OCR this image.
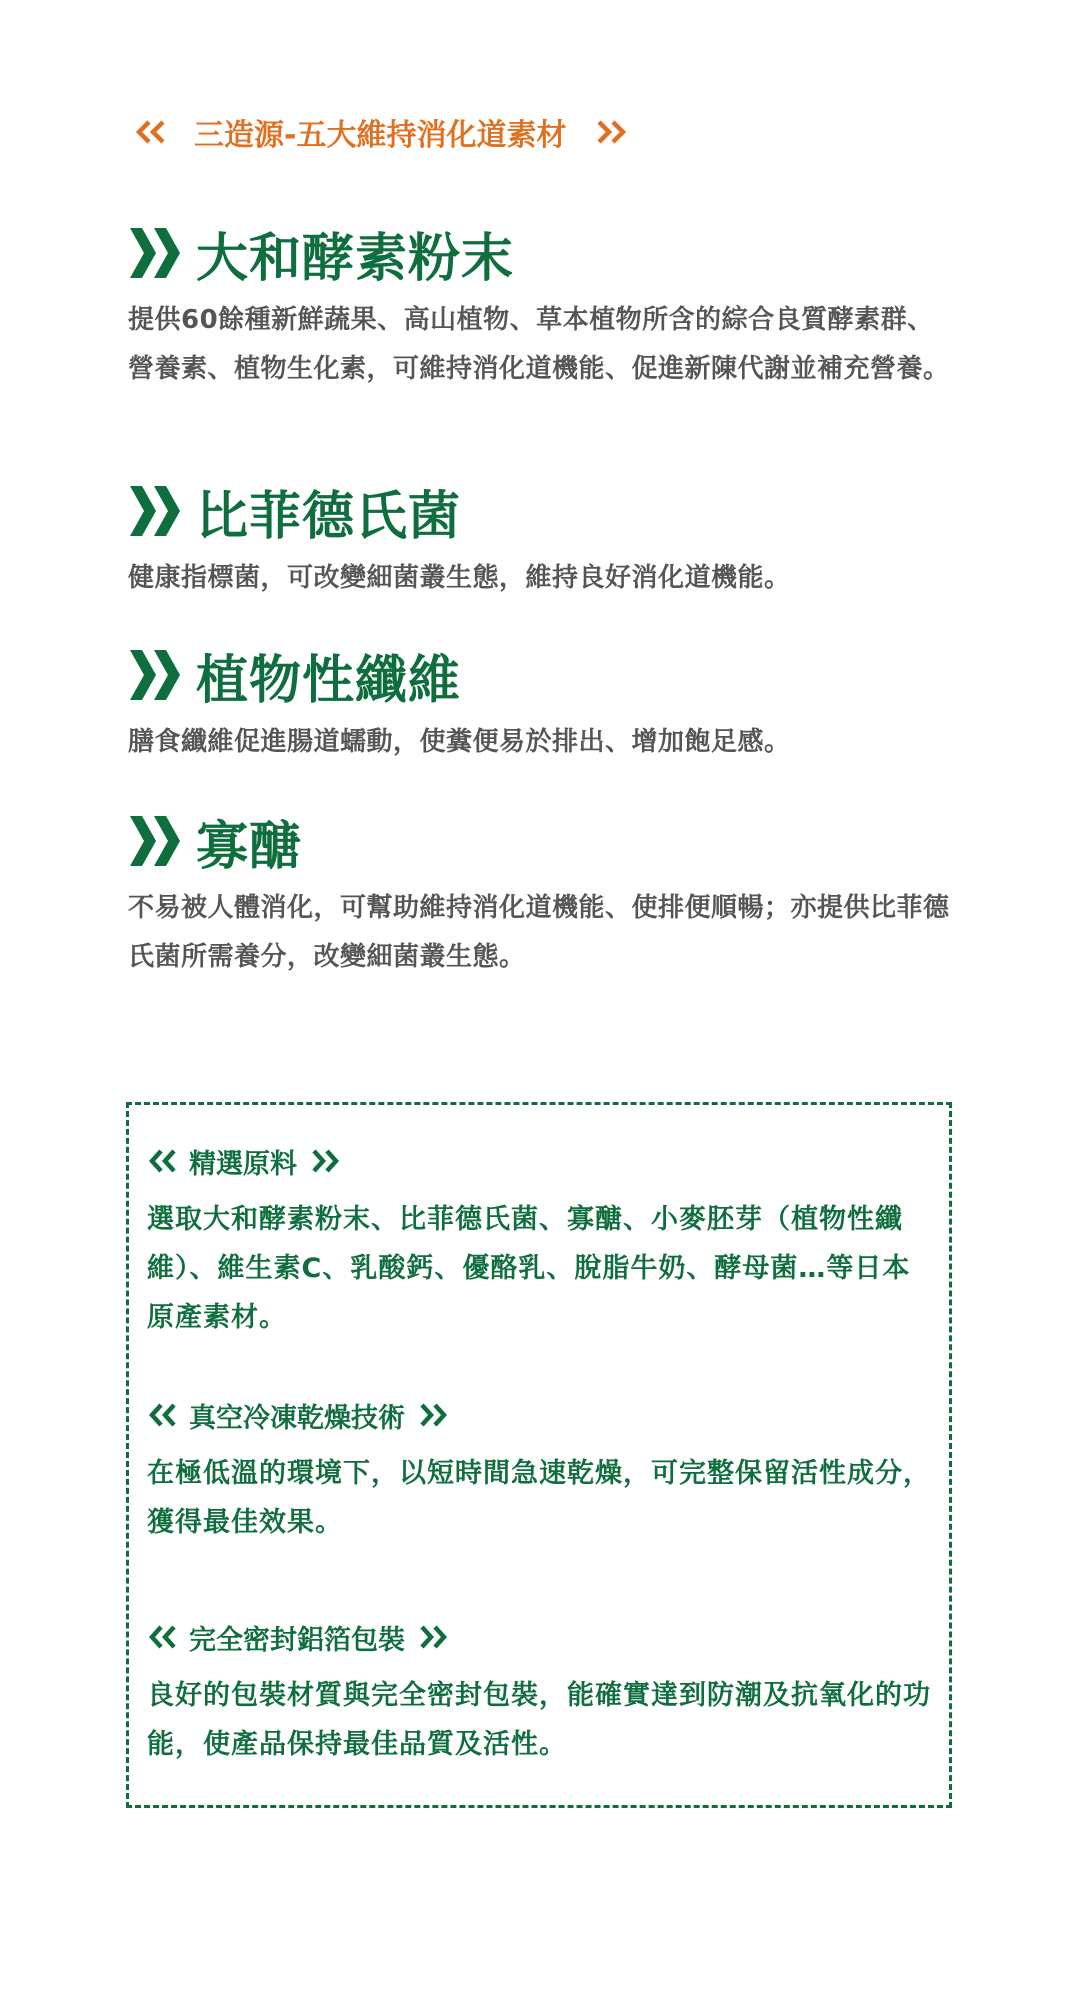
三造源-五大維持消化道素材
大和酵素粉末
提供60餘種新鮮蔬果、高山植物、草本植物所含的綜合良質酵素群、營養素、植物生化素，可維持消化道機能、促進新陳代謝並補充營養。
比菲德氏菌
健康指標菌，可改變細菌叢生態，維持良好消化道機能。
植物性纖維
膳食纖維促進腸道蠕動，使糞便易於排出、增加飽足感。
寡醣
不易被人體消化，可幫助維持消化道機能、使排便順暢；亦提供比菲德氏菌所需養分，改變細菌叢生態。
精選原料
選取大和酵素粉末、比菲德氏菌、寡醣、小麥胚芽（植物性纖維）、維生素C、乳酸鈣、優酪乳、脫脂牛奶、酵母菌…等日本原產素材。
真空冷凍乾燥技術
在極低溫的環境下，以短時間急速乾燥，可完整保留活性成分，獲得最佳效果。
完全密封鋁箔包裝
良好的包裝材質與完全密封包裝，能確實達到防潮及抗氧化的功能，使產品保持最佳品質及活性。
